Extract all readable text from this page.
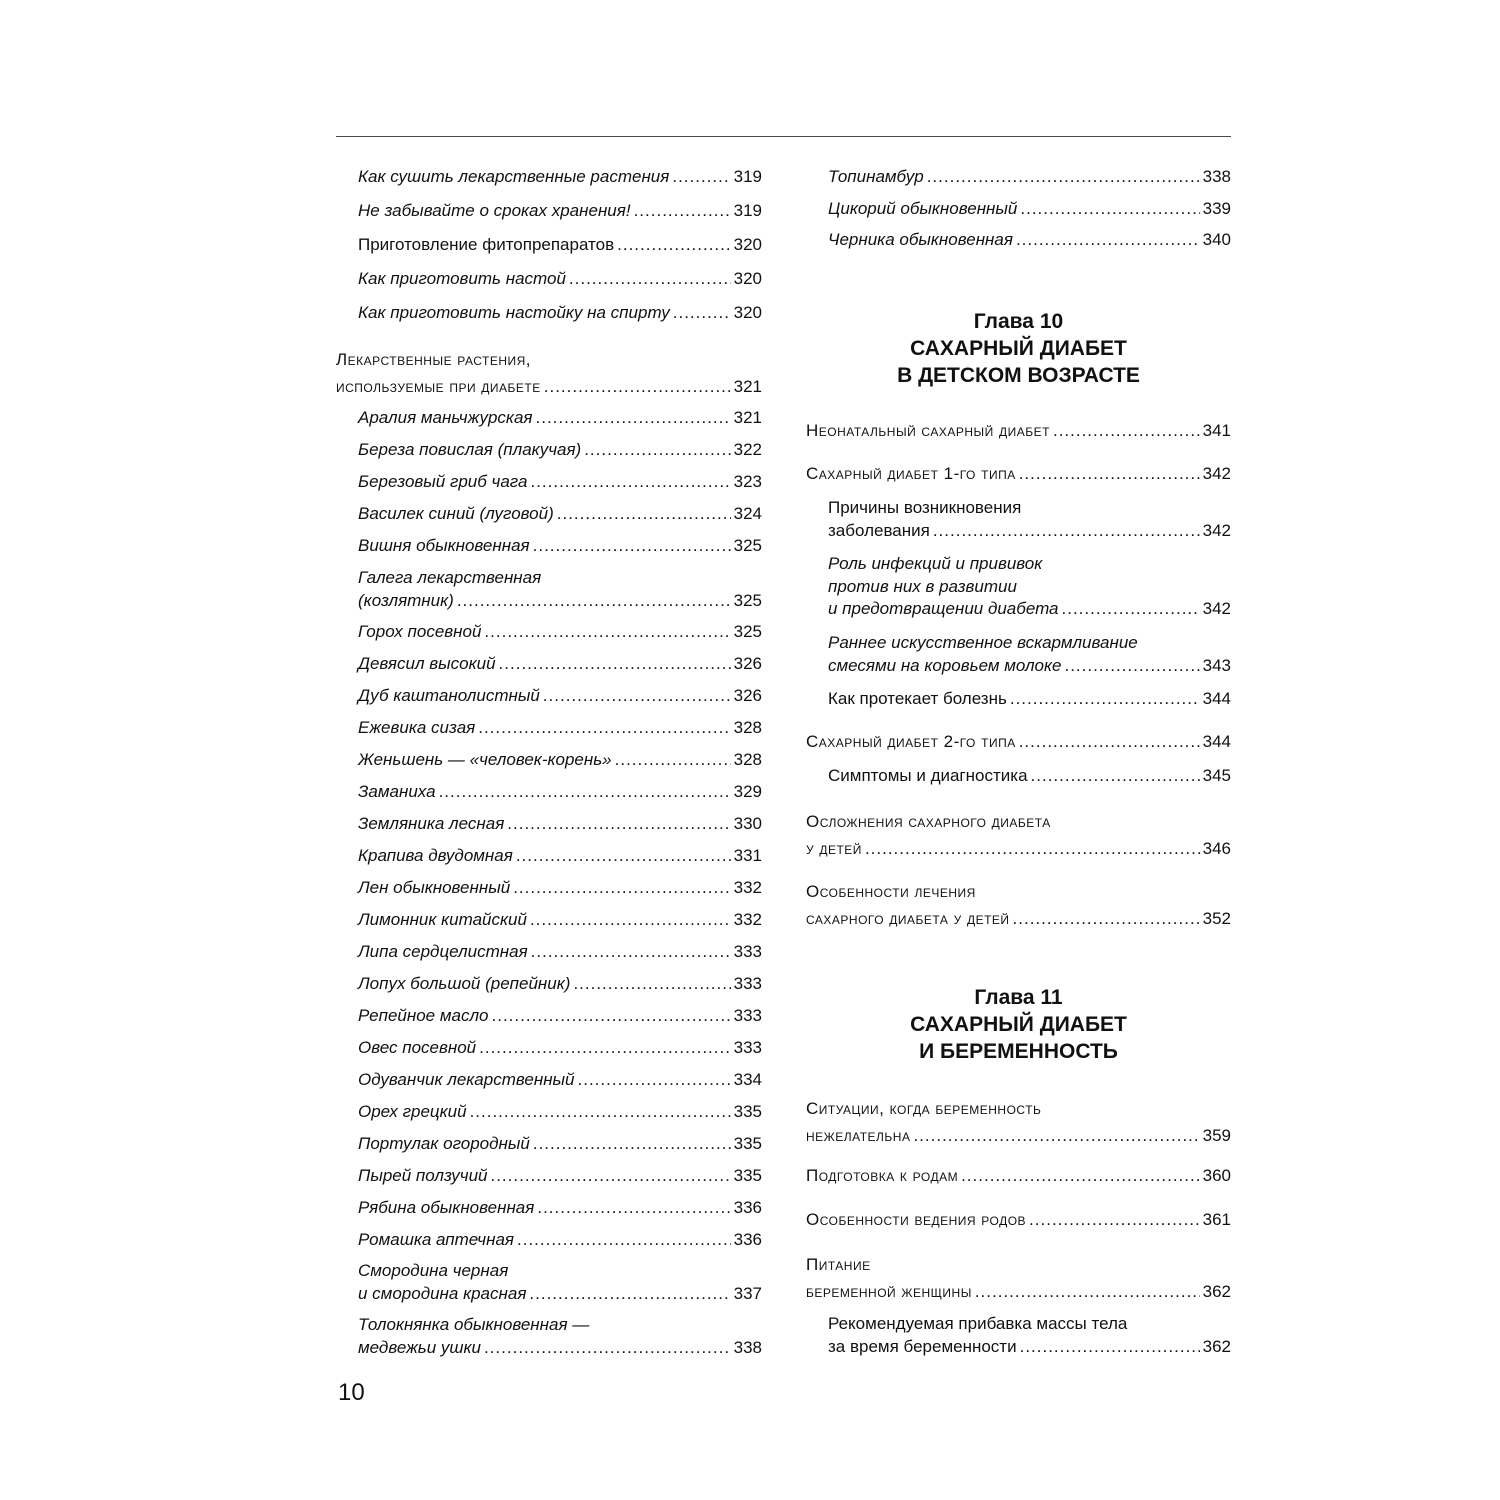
Как сушить лекарственные растения .....	319
Не забывайте о сроках хранения! .....	319
Приготовление фитопрепаратов .....	320
Как приготовить настой .....	320
Как приготовить настойку на спирту .....	320
Лекарственные растения,
используемые при диабете .....	321
Аралия маньчжурская .....	321
Береза повислая (плакучая) .....	322
Березовый гриб чага .....	323
Василек синий (луговой) .....	324
Вишня обыкновенная .....	325
Галега лекарственная
(козлятник) .....	325
Горох посевной .....	325
Девясил высокий .....	326
Дуб каштанолистный .....	326
Ежевика сизая .....	328
Женьшень — «человек-корень» .....	328
Заманиха .....	329
Земляника лесная .....	330
Крапива двудомная .....	331
Лен обыкновенный .....	332
Лимонник китайский .....	332
Липа сердцелистная .....	333
Лопух большой (репейник) .....	333
Репейное масло .....	333
Овес посевной .....	333
Одуванчик лекарственный .....	334
Орех грецкий .....	335
Портулак огородный .....	335
Пырей ползучий .....	335
Рябина обыкновенная .....	336
Ромашка аптечная .....	336
Смородина черная
и смородина красная .....	337
Толокнянка обыкновенная —
медвежьи ушки .....	338
Топинамбур .....	338
Цикорий обыкновенный .....	339
Черника обыкновенная .....	340
Неонатальный сахарный диабет .....	341
Сахарный диабет 1-го типа .....	342
Причины возникновения
заболевания .....	342
Роль инфекций и прививок
против них в развитии
и предотвращении диабета .....	342
Раннее искусственное вскармливание
смесями на коровьем молоке .....	343
Как протекает болезнь .....	344
Сахарный диабет 2-го типа .....	344
Симптомы и диагностика .....	345
Осложнения сахарного диабета
у детей .....	346
Особенности лечения
сахарного диабета у детей .....	352
Ситуации, когда беременность
нежелательна .....	359
Подготовка к родам .....	360
Особенности ведения родов .....	361
Питание
беременной женщины .....	362
Рекомендуемая прибавка массы тела
за время беременности .....	362
Глава 10
САХАРНЫЙ ДИАБЕТ
В ДЕТСКОМ ВОЗРАСТЕ
Глава 11
САХАРНЫЙ ДИАБЕТ
И БЕРЕМЕННОСТЬ
10
